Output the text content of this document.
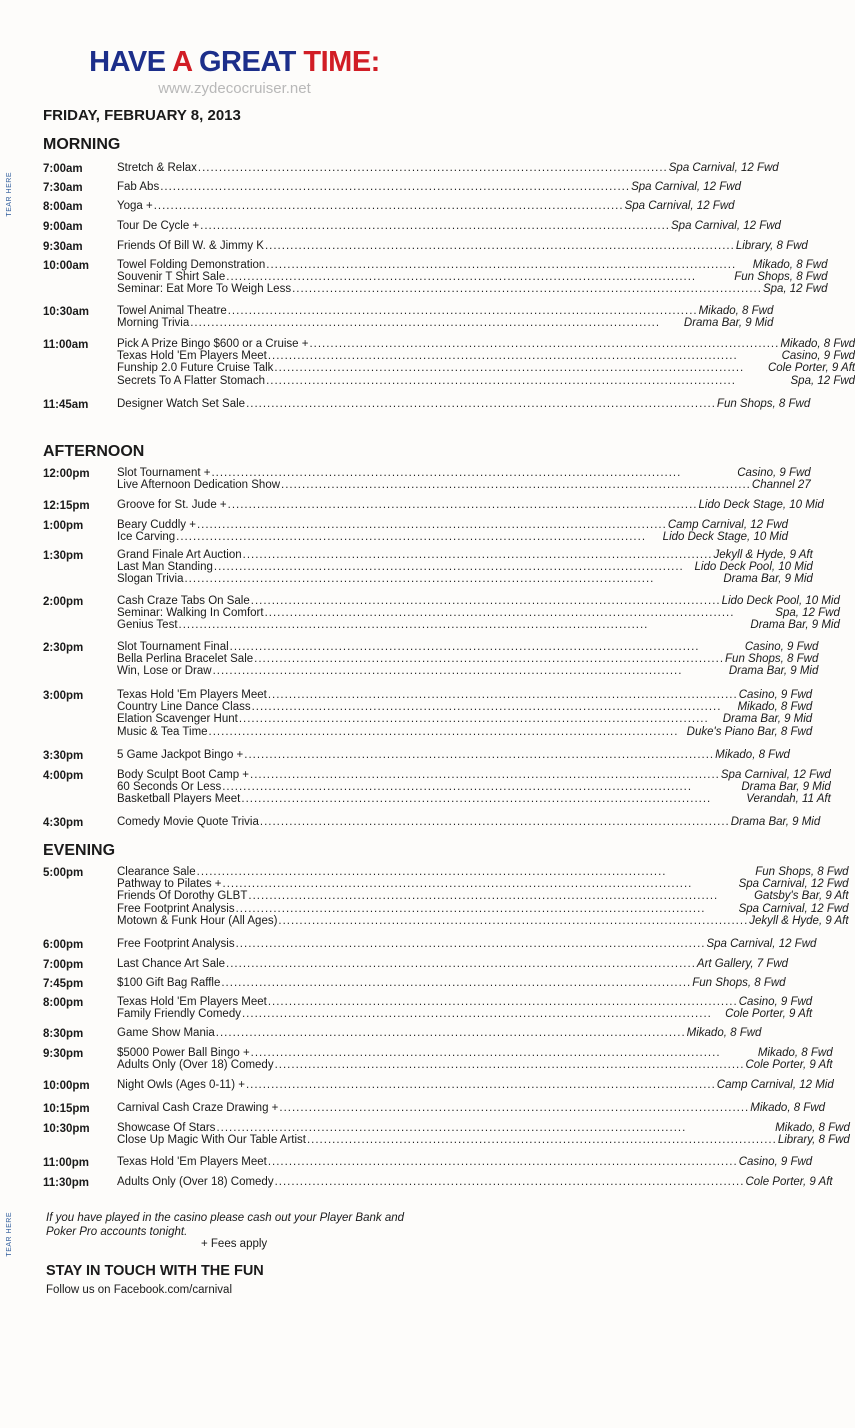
TEAR HERE
TEAR HERE
HAVE A GREAT TIME:
www.zydecocruiser.net
FRIDAY, FEBRUARY 8, 2013
MORNING
7:00am	Stretch & Relax .....	Spa Carnival, 12 Fwd
7:30am	Fab Abs .....	Spa Carnival, 12 Fwd
8:00am	Yoga + .....	Spa Carnival, 12 Fwd
9:00am	Tour De Cycle + .....	Spa Carnival, 12 Fwd
9:30am	Friends Of Bill W. & Jimmy K .....	Library, 8 Fwd
10:00am	Towel Folding Demonstration .....	Mikado, 8 Fwd
Souvenir T Shirt Sale .....	Fun Shops, 8 Fwd
Seminar: Eat More To Weigh Less .....	Spa, 12 Fwd
10:30am	Towel Animal Theatre .....	Mikado, 8 Fwd
Morning Trivia .....	Drama Bar, 9 Mid
11:00am	Pick A Prize Bingo $600 or a Cruise + .....	Mikado, 8 Fwd
Texas Hold 'Em Players Meet .....	Casino, 9 Fwd
Funship 2.0 Future Cruise Talk .....	Cole Porter, 9 Aft
Secrets To A Flatter Stomach .....	Spa, 12 Fwd
11:45am	Designer Watch Set Sale .....	Fun Shops, 8 Fwd
AFTERNOON
12:00pm	Slot Tournament + .....	Casino, 9 Fwd
Live Afternoon Dedication Show .....	Channel 27
12:15pm	Groove for St. Jude + .....	Lido Deck Stage, 10 Mid
1:00pm	Beary Cuddly + .....	Camp Carnival, 12 Fwd
Ice Carving .....	Lido Deck Stage, 10 Mid
1:30pm	Grand Finale Art Auction .....	Jekyll & Hyde, 9 Aft
Last Man Standing .....	Lido Deck Pool, 10 Mid
Slogan Trivia .....	Drama Bar, 9 Mid
2:00pm	Cash Craze Tabs On Sale .....	Lido Deck Pool, 10 Mid
Seminar: Walking In Comfort .....	Spa, 12 Fwd
Genius Test .....	Drama Bar, 9 Mid
2:30pm	Slot Tournament Final .....	Casino, 9 Fwd
Bella Perlina Bracelet Sale .....	Fun Shops, 8 Fwd
Win, Lose or Draw .....	Drama Bar, 9 Mid
3:00pm	Texas Hold 'Em Players Meet .....	Casino, 9 Fwd
Country Line Dance Class .....	Mikado, 8 Fwd
Elation Scavenger Hunt .....	Drama Bar, 9 Mid
Music & Tea Time .....	Duke's Piano Bar, 8 Fwd
3:30pm	5 Game Jackpot Bingo + .....	Mikado, 8 Fwd
4:00pm	Body Sculpt Boot Camp + .....	Spa Carnival, 12 Fwd
60 Seconds Or Less .....	Drama Bar, 9 Mid
Basketball Players Meet .....	Verandah, 11 Aft
4:30pm	Comedy Movie Quote Trivia .....	Drama Bar, 9 Mid
EVENING
5:00pm	Clearance Sale .....	Fun Shops, 8 Fwd
Pathway to Pilates + .....	Spa Carnival, 12 Fwd
Friends Of Dorothy GLBT .....	Gatsby's Bar, 9 Aft
Free Footprint Analysis .....	Spa Carnival, 12 Fwd
Motown & Funk Hour (All Ages) .....	Jekyll & Hyde, 9 Aft
6:00pm	Free Footprint Analysis .....	Spa Carnival, 12 Fwd
7:00pm	Last Chance Art Sale .....	Art Gallery, 7 Fwd
7:45pm	$100 Gift Bag Raffle .....	Fun Shops, 8 Fwd
8:00pm	Texas Hold 'Em Players Meet .....	Casino, 9 Fwd
Family Friendly Comedy .....	Cole Porter, 9 Aft
8:30pm	Game Show Mania .....	Mikado, 8 Fwd
9:30pm	$5000 Power Ball Bingo + .....	Mikado, 8 Fwd
Adults Only (Over 18) Comedy .....	Cole Porter, 9 Aft
10:00pm	Night Owls (Ages 0-11) + .....	Camp Carnival, 12 Mid
10:15pm	Carnival Cash Craze Drawing + .....	Mikado, 8 Fwd
10:30pm	Showcase Of Stars .....	Mikado, 8 Fwd
Close Up Magic With Our Table Artist .....	Library, 8 Fwd
11:00pm	Texas Hold 'Em Players Meet .....	Casino, 9 Fwd
11:30pm	Adults Only (Over 18) Comedy .....	Cole Porter, 9 Aft
If you have played in the casino please cash out your Player Bank and Poker Pro accounts tonight.
+ Fees apply
STAY IN TOUCH WITH THE FUN
Follow us on Facebook.com/carnival
